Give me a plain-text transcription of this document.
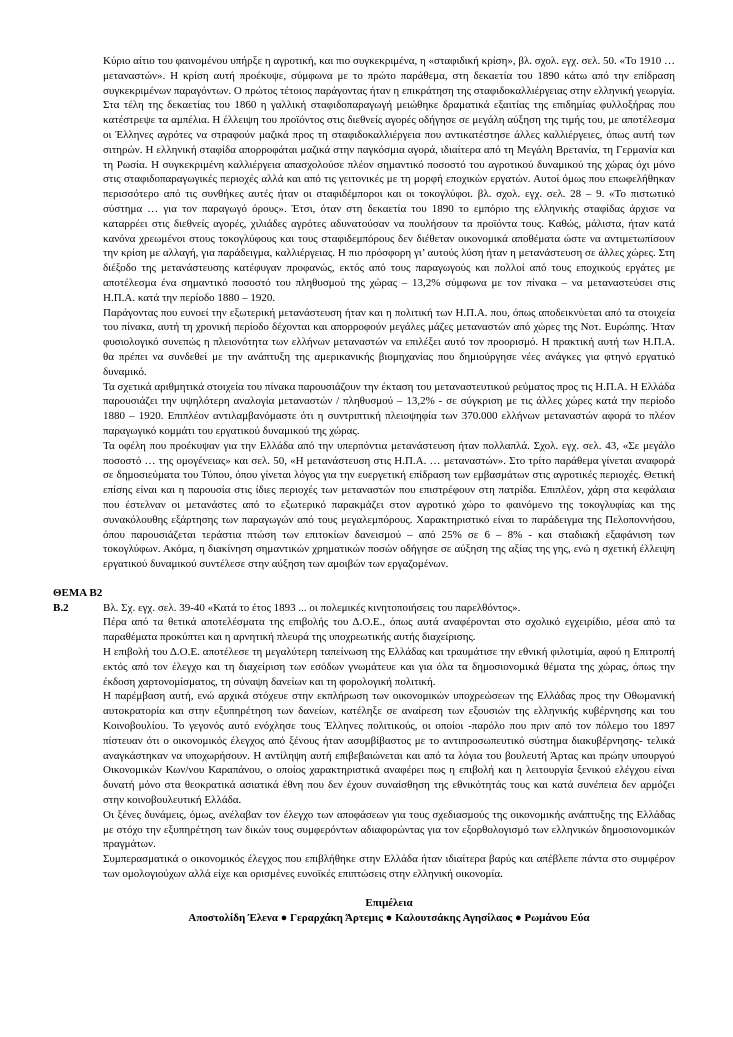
Κύριο αίτιο του φαινομένου υπήρξε η αγροτική, και πιο συγκεκριμένα, η «σταφιδική κρίση», βλ. σχολ. εγχ. σελ. 50. «Το 1910 … μεταναστών». Η κρίση αυτή προέκυψε, σύμφωνα με το πρώτο παράθεμα, στη δεκαετία του 1890 κάτω από την επίδραση συγκεκριμένων παραγόντων. Ο πρώτος τέτοιος παράγοντας ήταν η επικράτηση της σταφιδοκαλλιέργειας στην ελληνική γεωργία. Στα τέλη της δεκαετίας του 1860 η γαλλική σταφιδοπαραγωγή μειώθηκε δραματικά εξαιτίας της επιδημίας φυλλοξήρας που κατέστρεψε τα αμπέλια. Η έλλειψη του προϊόντος στις διεθνείς αγορές οδήγησε σε μεγάλη αύξηση της τιμής του, με αποτέλεσμα οι Έλληνες αγρότες να στραφούν μαζικά προς τη σταφιδοκαλλιέργεια που αντικατέστησε άλλες καλλιέργειες, όπως αυτή των σιτηρών. Η ελληνική σταφίδα απορροφάται μαζικά στην παγκόσμια αγορά, ιδιαίτερα από τη Μεγάλη Βρετανία, τη Γερμανία και τη Ρωσία. Η συγκεκριμένη καλλιέργεια απασχολούσε πλέον σημαντικό ποσοστό του αγροτικού δυναμικού της χώρας όχι μόνο στις σταφιδοπαραγωγικές περιοχές αλλά και από τις γειτονικές με τη μορφή εποχικών εργατών. Αυτοί όμως που επωφελήθηκαν περισσότερο από τις συνθήκες αυτές ήταν οι σταφιδέμποροι και οι τοκογλύφοι. βλ. σχολ. εγχ. σελ. 28 – 9. «Το πιστωτικό σύστημα … για τον παραγωγό όρους». Έτσι, όταν στη δεκαετία του 1890 το εμπόριο της ελληνικής σταφίδας άρχισε να καταρρέει στις διεθνείς αγορές, χιλιάδες αγρότες αδυνατούσαν να πουλήσουν τα προϊόντα τους. Καθώς, μάλιστα, ήταν κατά κανόνα χρεωμένοι στους τοκογλύφους και τους σταφιδεμπόρους δεν διέθεταν οικονομικά αποθέματα ώστε να αντιμετωπίσουν την κρίση με αλλαγή, για παράδειγμα, καλλιέργειας. Η πιο πρόσφορη γι’ αυτούς λύση ήταν η μετανάστευση σε άλλες χώρες. Στη διέξοδο της μετανάστευσης κατέφυγαν προφανώς, εκτός από τους παραγωγούς και πολλοί από τους εποχικούς εργάτες με αποτέλεσμα ένα σημαντικό ποσοστό του πληθυσμού της χώρας – 13,2% σύμφωνα με τον πίνακα – να μεταναστεύσει στις Η.Π.Α. κατά την περίοδο 1880 – 1920.

Παράγοντας που ευνοεί την εξωτερική μετανάστευση ήταν και η πολιτική των Η.Π.Α. που, όπως αποδεικνύεται από τα στοιχεία του πίνακα, αυτή τη χρονική περίοδο δέχονται και απορροφούν μεγάλες μάζες μεταναστών από χώρες της Νοτ. Ευρώπης. Ήταν φυσιολογικό συνεπώς η πλειονότητα των ελλήνων μεταναστών να επιλέξει αυτό τον προορισμό. Η πρακτική αυτή των Η.Π.Α. θα πρέπει να συνδεθεί με την ανάπτυξη της αμερικανικής βιομηχανίας που δημιούργησε νέες ανάγκες για φτηνό εργατικό δυναμικό.

Τα σχετικά αριθμητικά στοιχεία του πίνακα παρουσιάζουν την έκταση του μεταναστευτικού ρεύματος προς τις Η.Π.Α. Η Ελλάδα παρουσιάζει την υψηλότερη αναλογία μεταναστών / πληθυσμού – 13,2% - σε σύγκριση με τις άλλες χώρες κατά την περίοδο 1880 – 1920. Επιπλέον αντιλαμβανόμαστε ότι η συντριπτική πλειοψηφία των 370.000 ελλήνων μεταναστών αφορά το πλέον παραγωγικό κομμάτι του εργατικού δυναμικού της χώρας.

Τα οφέλη που προέκυψαν για την Ελλάδα από την υπερπόντια μετανάστευση ήταν πολλαπλά. Σχολ. εγχ. σελ. 43, «Σε μεγάλο ποσοστό … της ομογένειας» και σελ. 50, «Η μετανάστευση στις Η.Π.Α. … μεταναστών». Στο τρίτο παράθεμα γίνεται αναφορά σε δημοσιεύματα του Τύπου, όπου γίνεται λόγος για την ευεργετική επίδραση των εμβασμάτων στις αγροτικές περιοχές. Θετική επίσης είναι και η παρουσία στις ίδιες περιοχές των μεταναστών που επιστρέφουν στη πατρίδα. Επιπλέον, χάρη στα κεφάλαια που έστελναν οι μετανάστες από το εξωτερικό παρακμάζει στον αγροτικό χώρο το φαινόμενο της τοκογλυφίας και της συνακόλουθης εξάρτησης των παραγωγών από τους μεγαλεμπόρους. Χαρακτηριστικό είναι το παράδειγμα της Πελοποννήσου, όπου παρουσιάζεται τεράστια πτώση των επιτοκίων δανεισμού – από 25% σε 6 – 8% - και σταδιακή εξαφάνιση των τοκογλύφων. Ακόμα, η διακίνηση σημαντικών χρηματικών ποσών οδήγησε σε αύξηση της αξίας της γης, ενώ η σχετική έλλειψη εργατικού δυναμικού συντέλεσε στην αύξηση των αμοιβών των εργαζομένων.

ΘΕΜΑ Β2
Β.2	Βλ. Σχ. εγχ. σελ. 39-40 «Κατά το έτος 1893 ... οι πολεμικές κινητοποιήσεις του παρελθόντος».

Πέρα από τα θετικά αποτελέσματα της επιβολής του Δ.Ο.Ε., όπως αυτά αναφέρονται στο σχολικό εγχειρίδιο, μέσα από τα παραθέματα προκύπτει και η αρνητική πλευρά της υποχρεωτικής αυτής διαχείρισης.

Η επιβολή του Δ.Ο.Ε. αποτέλεσε τη μεγαλύτερη ταπείνωση της Ελλάδας και τραυμάτισε την εθνική φιλοτιμία, αφού η Επιτροπή εκτός από τον έλεγχο και τη διαχείριση των εσόδων γνωμάτευε και για όλα τα δημοσιονομικά θέματα της χώρας, όπως την έκδοση χαρτονομίσματος, τη σύναψη δανείων και τη φορολογική πολιτική.

Η παρέμβαση αυτή, ενώ αρχικά στόχευε στην εκπλήρωση των οικονομικών υποχρεώσεων της Ελλάδας προς την Οθωμανική αυτοκρατορία και στην εξυπηρέτηση των δανείων, κατέληξε σε αναίρεση των εξουσιών της ελληνικής κυβέρνησης και του Κοινοβουλίου. Το γεγονός αυτό ενόχλησε τους Έλληνες πολιτικούς, οι οποίοι -παρόλο που πριν από τον πόλεμο του 1897 πίστευαν ότι ο οικονομικός έλεγχος από ξένους ήταν ασυμβίβαστος με το αντιπροσωπευτικό σύστημα διακυβέρνησης- τελικά αναγκάστηκαν να υποχωρήσουν. Η αντίληψη αυτή επιβεβαιώνεται και από τα λόγια του βουλευτή Άρτας και πρώην υπουργού Οικονομικών Κων/νου Καραπάνου, ο οποίος χαρακτηριστικά αναφέρει πως η επιβολή και η λειτουργία ξενικού ελέγχου είναι δυνατή μόνο στα θεοκρατικά ασιατικά έθνη που δεν έχουν συναίσθηση της εθνικότητάς τους και κατά συνέπεια δεν αρμόζει στην κοινοβουλευτική Ελλάδα.

Οι ξένες δυνάμεις, όμως, ανέλαβαν τον έλεγχο των αποφάσεων για τους σχεδιασμούς της οικονομικής ανάπτυξης της Ελλάδας με στόχο την εξυπηρέτηση των δικών τους συμφερόντων αδιαφορώντας για τον εξορθολογισμό των ελληνικών δημοσιονομικών πραγμάτων.

Συμπερασματικά ο οικονομικός έλεγχος που επιβλήθηκε στην Ελλάδα ήταν ιδιαίτερα βαρύς και απέβλεπε πάντα στο συμφέρον των ομολογιούχων αλλά είχε και ορισμένες ευνοϊκές επιπτώσεις στην ελληνική οικονομία.

Επιμέλεια
Αποστολίδη Έλενα ● Γεραρχάκη Άρτεμις ● Καλουτσάκης Αγησίλαος ● Ρωμάνου Εύα
